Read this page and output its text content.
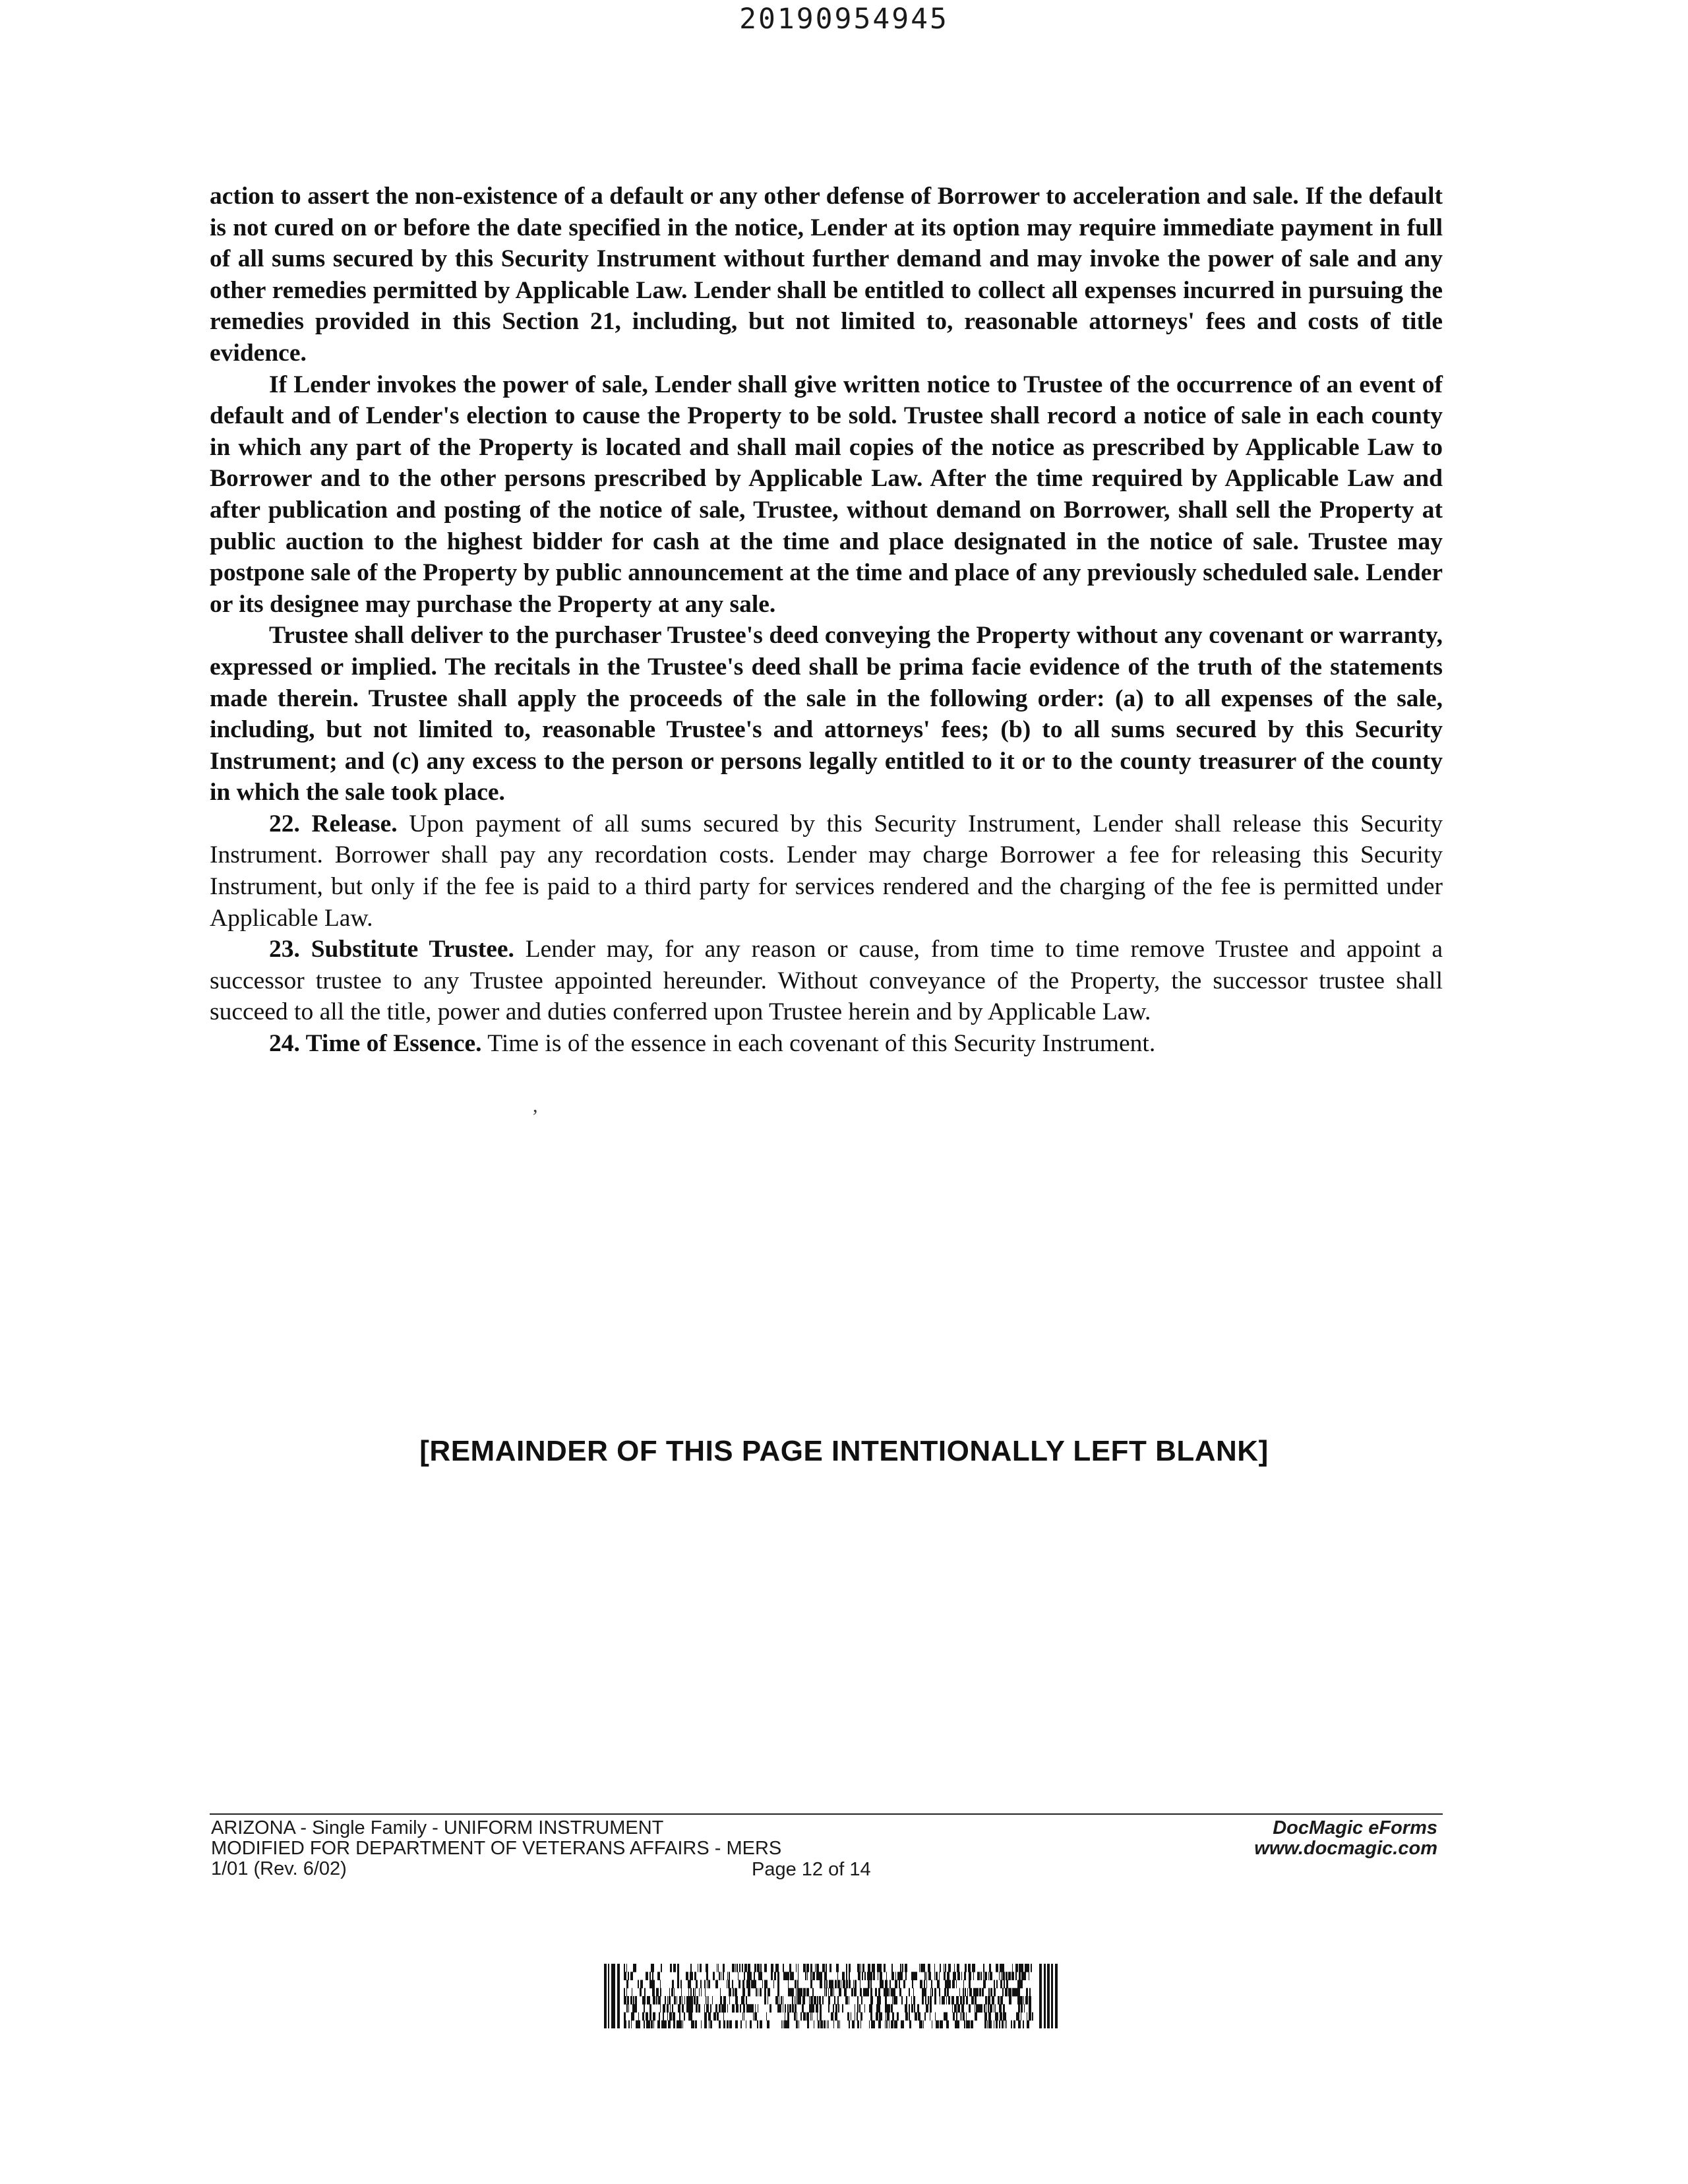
20190954945

action to assert the non-existence of a default or any other defense of Borrower to acceleration and sale. If the default is not cured on or before the date specified in the notice, Lender at its option may require immediate payment in full of all sums secured by this Security Instrument without further demand and may invoke the power of sale and any other remedies permitted by Applicable Law. Lender shall be entitled to collect all expenses incurred in pursuing the remedies provided in this Section 21, including, but not limited to, reasonable attorneys' fees and costs of title evidence.

If Lender invokes the power of sale, Lender shall give written notice to Trustee of the occurrence of an event of default and of Lender's election to cause the Property to be sold. Trustee shall record a notice of sale in each county in which any part of the Property is located and shall mail copies of the notice as prescribed by Applicable Law to Borrower and to the other persons prescribed by Applicable Law. After the time required by Applicable Law and after publication and posting of the notice of sale, Trustee, without demand on Borrower, shall sell the Property at public auction to the highest bidder for cash at the time and place designated in the notice of sale. Trustee may postpone sale of the Property by public announcement at the time and place of any previously scheduled sale. Lender or its designee may purchase the Property at any sale.

Trustee shall deliver to the purchaser Trustee's deed conveying the Property without any covenant or warranty, expressed or implied. The recitals in the Trustee's deed shall be prima facie evidence of the truth of the statements made therein. Trustee shall apply the proceeds of the sale in the following order: (a) to all expenses of the sale, including, but not limited to, reasonable Trustee's and attorneys' fees; (b) to all sums secured by this Security Instrument; and (c) any excess to the person or persons legally entitled to it or to the county treasurer of the county in which the sale took place.

22. Release. Upon payment of all sums secured by this Security Instrument, Lender shall release this Security Instrument. Borrower shall pay any recordation costs. Lender may charge Borrower a fee for releasing this Security Instrument, but only if the fee is paid to a third party for services rendered and the charging of the fee is permitted under Applicable Law.

23. Substitute Trustee. Lender may, for any reason or cause, from time to time remove Trustee and appoint a successor trustee to any Trustee appointed hereunder. Without conveyance of the Property, the successor trustee shall succeed to all the title, power and duties conferred upon Trustee herein and by Applicable Law.

24. Time of Essence. Time is of the essence in each covenant of this Security Instrument.

,
[REMAINDER OF THIS PAGE INTENTIONALLY LEFT BLANK]
ARIZONA - Single Family - UNIFORM INSTRUMENT
MODIFIED FOR DEPARTMENT OF VETERANS AFFAIRS - MERS
1/01 (Rev. 6/02)	Page 12 of 14
DocMagic eForms
www.docmagic.com
